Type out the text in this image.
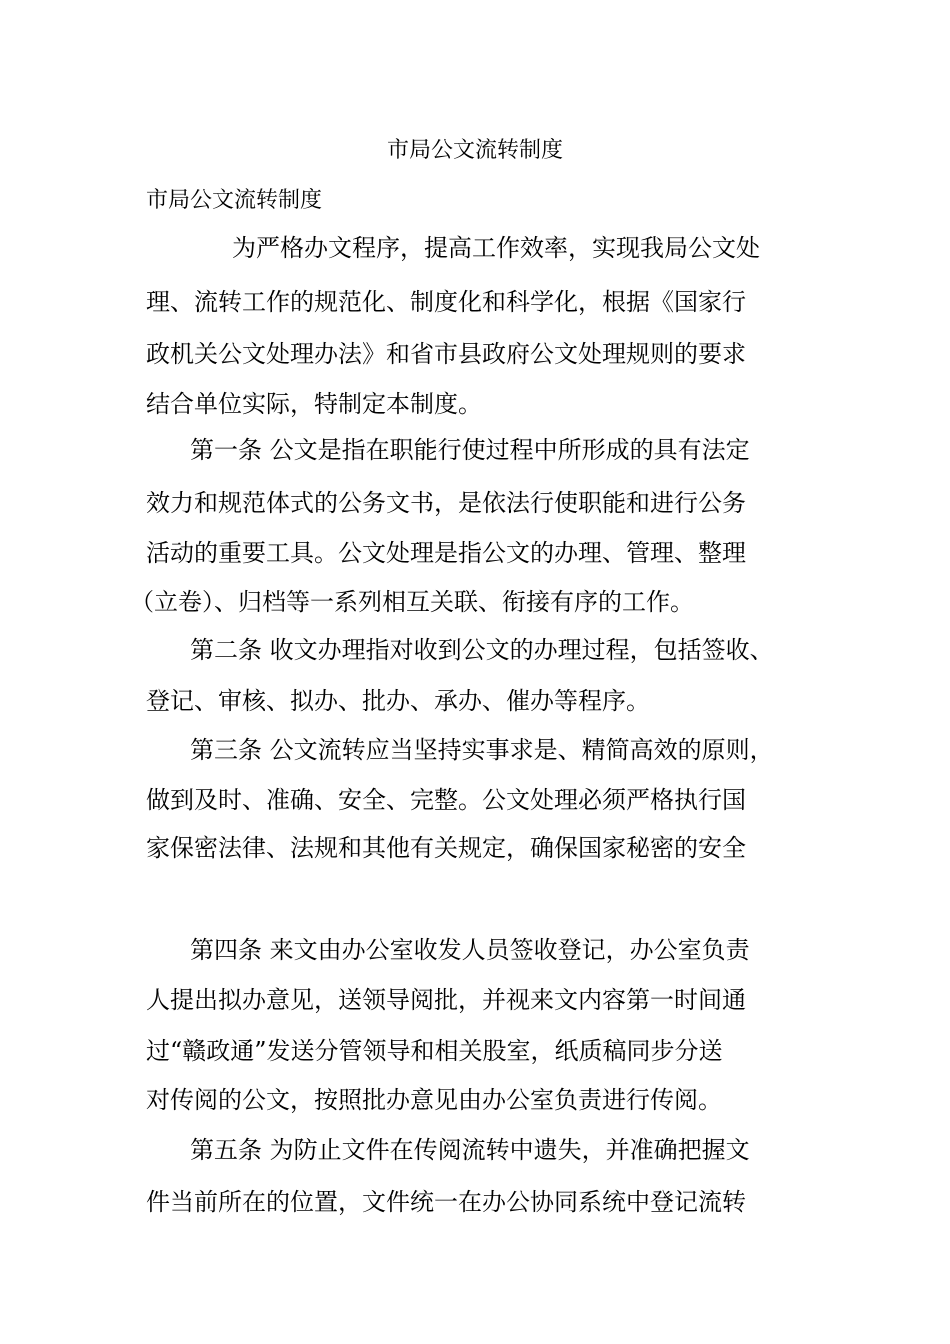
市局公文流转制度
市局公文流转制度
为严格办文程序，提高工作效率，实现我局公文处
理、流转工作的规范化、制度化和科学化，根据《国家行
政机关公文处理办法》和省市县政府公文处理规则的要求
结合单位实际，特制定本制度。
第一条 公文是指在职能行使过程中所形成的具有法定
效力和规范体式的公务文书，是依法行使职能和进行公务
活动的重要工具。公文处理是指公文的办理、管理、整理
（立卷）、归档等一系列相互关联、衔接有序的工作。
第二条 收文办理指对收到公文的办理过程，包括签收、
登记、审核、拟办、批办、承办、催办等程序。
第三条 公文流转应当坚持实事求是、精简高效的原则，
做到及时、准确、安全、完整。公文处理必须严格执行国
家保密法律、法规和其他有关规定，确保国家秘密的安全
第四条 来文由办公室收发人员签收登记，办公室负责
人提出拟办意见，送领导阅批，并视来文内容第一时间通
过“赣政通”发送分管领导和相关股室，纸质稿同步分送
对传阅的公文，按照批办意见由办公室负责进行传阅。
第五条 为防止文件在传阅流转中遗失，并准确把握文
件当前所在的位置，文件统一在办公协同系统中登记流转
